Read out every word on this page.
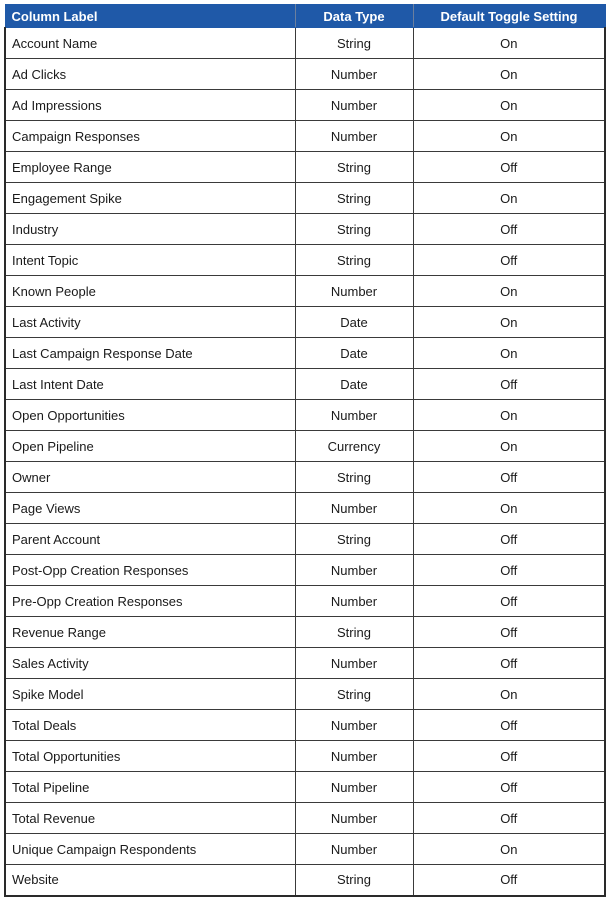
Column Label	Data Type	Default Toggle Setting
Account Name	String	On
Ad Clicks	Number	On
Ad Impressions	Number	On
Campaign Responses	Number	On
Employee Range	String	Off
Engagement Spike	String	On
Industry	String	Off
Intent Topic	String	Off
Known People	Number	On
Last Activity	Date	On
Last Campaign Response Date	Date	On
Last Intent Date	Date	Off
Open Opportunities	Number	On
Open Pipeline	Currency	On
Owner	String	Off
Page Views	Number	On
Parent Account	String	Off
Post-Opp Creation Responses	Number	Off
Pre-Opp Creation Responses	Number	Off
Revenue Range	String	Off
Sales Activity	Number	Off
Spike Model	String	On
Total Deals	Number	Off
Total Opportunities	Number	Off
Total Pipeline	Number	Off
Total Revenue	Number	Off
Unique Campaign Respondents	Number	On
Website	String	Off
